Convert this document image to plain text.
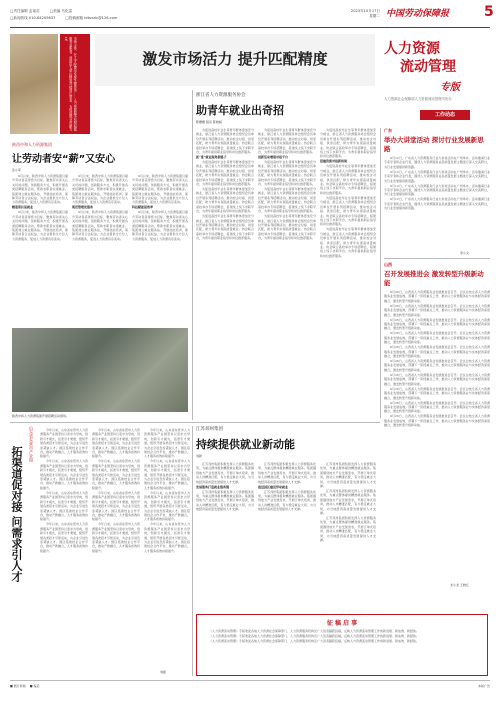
□责任编辑 孟瑶苗	□美编 马化雷
□新闻热线 010-84209637	□投稿邮箱 ldbzrzlc@126.com
2023年10月17日
星期二 中国劳动保障报	5
市场主体，在人才配置中发挥关键作用……人力资源服务机构积极服务求职者，帮助用人单位精准对接岗位需求，为促进就业贡献力量。
激发市场活力 提升匹配精度
人力资源
流动管理
专版
人力资源社会保障部人力资源流动管理司协办
工作动态
陕西中和人力资源集团
让劳动者安“薪”又安心
张小军

9月以来，陕西中和人力资源集团以提升劳动者获得感为目标，聚焦劳动者关心关切的问题，创新服务方式，积极开展各类招聘服务活动，帮助求职者实现就业。集团建立就业服务站，开展技能培训，保障劳动者合法权益，为企业提供全方位人力资源服务，促进人力资源有序流动。

精准帮扶促就业

9月以来，陕西中和人力资源集团以提升劳动者获得感为目标，聚焦劳动者关心关切的问题，创新服务方式，积极开展各类招聘服务活动，帮助求职者实现就业。集团建立就业服务站，开展技能培训，保障劳动者合法权益，为企业提供全方位人力资源服务，促进人力资源有序流动。

9月以来，陕西中和人力资源集团以提升劳动者获得感为目标，聚焦劳动者关心关切的问题，创新服务方式，积极开展各类招聘服务活动，帮助求职者实现就业。集团建立就业服务站，开展技能培训，保障劳动者合法权益，为企业提供全方位人力资源服务，促进人力资源有序流动。

规范管理优服务

9月以来，陕西中和人力资源集团以提升劳动者获得感为目标，聚焦劳动者关心关切的问题，创新服务方式，积极开展各类招聘服务活动，帮助求职者实现就业。集团建立就业服务站，开展技能培训，保障劳动者合法权益，为企业提供全方位人力资源服务，促进人力资源有序流动。

9月以来，陕西中和人力资源集团以提升劳动者获得感为目标，聚焦劳动者关心关切的问题，创新服务方式，积极开展各类招聘服务活动，帮助求职者实现就业。集团建立就业服务站，开展技能培训，保障劳动者合法权益，为企业提供全方位人力资源服务，促进人力资源有序流动。

科技赋能提效率

9月以来，陕西中和人力资源集团以提升劳动者获得感为目标，聚焦劳动者关心关切的问题，创新服务方式，积极开展各类招聘服务活动，帮助求职者实现就业。集团建立就业服务站，开展技能培训，保障劳动者合法权益，为企业提供全方位人力资源服务，促进人力资源有序流动。

陕西中和人力资源集团开展招聘活动现场。
浙江省人力资源服务协会
助青年就业出奇招
陈姗姗 程亮 陈晓娟

为促进高校毕业生等青年群体更加充分就业，浙江省人力资源服务协会组织会员单位开展系列招聘活动，推动校企对接、供需匹配，助力青年实现高质量就业。协会联合高校举办专场招聘会，搭建线上线下求职平台，为青年提供职业指导和岗位推荐服务。

抓“准”就业服务新路子

为促进高校毕业生等青年群体更加充分就业，浙江省人力资源服务协会组织会员单位开展系列招聘活动，推动校企对接、供需匹配，助力青年实现高质量就业。协会联合高校举办专场招聘会，搭建线上线下求职平台，为青年提供职业指导和岗位推荐服务。

为促进高校毕业生等青年群体更加充分就业，浙江省人力资源服务协会组织会员单位开展系列招聘活动，推动校企对接、供需匹配，助力青年实现高质量就业。协会联合高校举办专场招聘会，搭建线上线下求职平台，为青年提供职业指导和岗位推荐服务。

为促进高校毕业生等青年群体更加充分就业，浙江省人力资源服务协会组织会员单位开展系列招聘活动，推动校企对接、供需匹配，助力青年实现高质量就业。协会联合高校举办专场招聘会，搭建线上线下求职平台，为青年提供职业指导和岗位推荐服务。

为促进高校毕业生等青年群体更加充分就业，浙江省人力资源服务协会组织会员单位开展系列招聘活动，推动校企对接、供需匹配，助力青年实现高质量就业。协会联合高校举办专场招聘会，搭建线上线下求职平台，为青年提供职业指导和岗位推荐服务。

创新活动增强对接平台

为促进高校毕业生等青年群体更加充分就业，浙江省人力资源服务协会组织会员单位开展系列招聘活动，推动校企对接、供需匹配，助力青年实现高质量就业。协会联合高校举办专场招聘会，搭建线上线下求职平台，为青年提供职业指导和岗位推荐服务。

为促进高校毕业生等青年群体更加充分就业，浙江省人力资源服务协会组织会员单位开展系列招聘活动，推动校企对接、供需匹配，助力青年实现高质量就业。协会联合高校举办专场招聘会，搭建线上线下求职平台，为青年提供职业指导和岗位推荐服务。

为促进高校毕业生等青年群体更加充分就业，浙江省人力资源服务协会组织会员单位开展系列招聘活动，推动校企对接、供需匹配，助力青年实现高质量就业。协会联合高校举办专场招聘会，搭建线上线下求职平台，为青年提供职业指导和岗位推荐服务。

为促进高校毕业生等青年群体更加充分就业，浙江省人力资源服务协会组织会员单位开展系列招聘活动，推动校企对接、供需匹配，助力青年实现高质量就业。协会联合高校举办专场招聘会，搭建线上线下求职平台，为青年提供职业指导和岗位推荐服务。

搭建资源对接新桥梁

为促进高校毕业生等青年群体更加充分就业，浙江省人力资源服务协会组织会员单位开展系列招聘活动，推动校企对接、供需匹配，助力青年实现高质量就业。协会联合高校举办专场招聘会，搭建线上线下求职平台，为青年提供职业指导和岗位推荐服务。

为促进高校毕业生等青年群体更加充分就业，浙江省人力资源服务协会组织会员单位开展系列招聘活动，推动校企对接、供需匹配，助力青年实现高质量就业。协会联合高校举办专场招聘会，搭建线上线下求职平台，为青年提供职业指导和岗位推荐服务。

为促进高校毕业生等青年群体更加充分就业，浙江省人力资源服务协会组织会员单位开展系列招聘活动，推动校企对接、供需匹配，助力青年实现高质量就业。协会联合高校举办专场招聘会，搭建线上线下求职平台，为青年提供职业指导和岗位推荐服务。

广东
举办大讲堂活动 探讨行业发展新思路

9月12日，广东省人力资源服务行业大讲堂活动在广州举办。活动邀请行业专家学者和企业代表，围绕人力资源服务业高质量发展主题进行深入交流研讨，为行业发展提供新思路。

9月12日，广东省人力资源服务行业大讲堂活动在广州举办。活动邀请行业专家学者和企业代表，围绕人力资源服务业高质量发展主题进行深入交流研讨，为行业发展提供新思路。

9月12日，广东省人力资源服务行业大讲堂活动在广州举办。活动邀请行业专家学者和企业代表，围绕人力资源服务业高质量发展主题进行深入交流研讨，为行业发展提供新思路。

9月12日，广东省人力资源服务行业大讲堂活动在广州举办。活动邀请行业专家学者和企业代表，围绕人力资源服务业高质量发展主题进行深入交流研讨，为行业发展提供新思路。

李小文
山西
召开发展推进会 激发转型升级新动能

9月26日，山西省人力资源服务业发展推进会召开。会议总结全省人力资源服务业发展成效，部署下一阶段重点工作，推动人力资源服务业与实体经济深度融合，激发转型升级新动能。

9月26日，山西省人力资源服务业发展推进会召开。会议总结全省人力资源服务业发展成效，部署下一阶段重点工作，推动人力资源服务业与实体经济深度融合，激发转型升级新动能。

9月26日，山西省人力资源服务业发展推进会召开。会议总结全省人力资源服务业发展成效，部署下一阶段重点工作，推动人力资源服务业与实体经济深度融合，激发转型升级新动能。

9月26日，山西省人力资源服务业发展推进会召开。会议总结全省人力资源服务业发展成效，部署下一阶段重点工作，推动人力资源服务业与实体经济深度融合，激发转型升级新动能。

9月26日，山西省人力资源服务业发展推进会召开。会议总结全省人力资源服务业发展成效，部署下一阶段重点工作，推动人力资源服务业与实体经济深度融合，激发转型升级新动能。

9月26日，山西省人力资源服务业发展推进会召开。会议总结全省人力资源服务业发展成效，部署下一阶段重点工作，推动人力资源服务业与实体经济深度融合，激发转型升级新动能。

9月26日，山西省人力资源服务业发展推进会召开。会议总结全省人力资源服务业发展成效，部署下一阶段重点工作，推动人力资源服务业与实体经济深度融合，激发转型升级新动能。

9月26日，山西省人力资源服务业发展推进会召开。会议总结全省人力资源服务业发展成效，部署下一阶段重点工作，推动人力资源服务业与实体经济深度融合，激发转型升级新动能。

9月26日，山西省人力资源服务业发展推进会召开。会议总结全省人力资源服务业发展成效，部署下一阶段重点工作，推动人力资源服务业与实体经济深度融合，激发转型升级新动能。

9月26日，山西省人力资源服务业发展推进会召开。会议总结全省人力资源服务业发展成效，部署下一阶段重点工作，推动人力资源服务业与实体经济深度融合，激发转型升级新动能。

龙小龙 王晓红
山东省东营市产业园
拓渠道促对接 问需求引人才

今年以来，山东省东营市人力资源服务产业园坚持以需求为导向，创新引才模式，拓宽引才渠道，组织开展各类招才引智活动，为企业引进急需紧缺人才。园区搭建校企合作平台，推动产教融合，人才服务质效持续提升。

今年以来，山东省东营市人力资源服务产业园坚持以需求为导向，创新引才模式，拓宽引才渠道，组织开展各类招才引智活动，为企业引进急需紧缺人才。园区搭建校企合作平台，推动产教融合，人才服务质效持续提升。

今年以来，山东省东营市人力资源服务产业园坚持以需求为导向，创新引才模式，拓宽引才渠道，组织开展各类招才引智活动，为企业引进急需紧缺人才。园区搭建校企合作平台，推动产教融合，人才服务质效持续提升。

今年以来，山东省东营市人力资源服务产业园坚持以需求为导向，创新引才模式，拓宽引才渠道，组织开展各类招才引智活动，为企业引进急需紧缺人才。园区搭建校企合作平台，推动产教融合，人才服务质效持续提升。

今年以来，山东省东营市人力资源服务产业园坚持以需求为导向，创新引才模式，拓宽引才渠道，组织开展各类招才引智活动，为企业引进急需紧缺人才。园区搭建校企合作平台，推动产教融合，人才服务质效持续提升。

今年以来，山东省东营市人力资源服务产业园坚持以需求为导向，创新引才模式，拓宽引才渠道，组织开展各类招才引智活动，为企业引进急需紧缺人才。园区搭建校企合作平台，推动产教融合，人才服务质效持续提升。

今年以来，山东省东营市人力资源服务产业园坚持以需求为导向，创新引才模式，拓宽引才渠道，组织开展各类招才引智活动，为企业引进急需紧缺人才。园区搭建校企合作平台，推动产教融合，人才服务质效持续提升。

今年以来，山东省东营市人力资源服务产业园坚持以需求为导向，创新引才模式，拓宽引才渠道，组织开展各类招才引智活动，为企业引进急需紧缺人才。园区搭建校企合作平台，推动产教融合，人才服务质效持续提升。

今年以来，山东省东营市人力资源服务产业园坚持以需求为导向，创新引才模式，拓宽引才渠道，组织开展各类招才引智活动，为企业引进急需紧缺人才。园区搭建校企合作平台，推动产教融合，人才服务质效持续提升。

今年以来，山东省东营市人力资源服务产业园坚持以需求为导向，创新引才模式，拓宽引才渠道，组织开展各类招才引智活动，为企业引进急需紧缺人才。园区搭建校企合作平台，推动产教融合，人才服务质效持续提升。

今年以来，山东省东营市人力资源服务产业园坚持以需求为导向，创新引才模式，拓宽引才渠道，组织开展各类招才引智活动，为企业引进急需紧缺人才。园区搭建校企合作平台，推动产教融合，人才服务质效持续提升。

今年以来，山东省东营市人力资源服务产业园坚持以需求为导向，创新引才模式，拓宽引才渠道，组织开展各类招才引智活动，为企业引进急需紧缺人才。园区搭建校企合作平台，推动产教融合，人才服务质效持续提升。

刘振
江苏邳州集团
持续提供就业新动能
刘新

江苏邳州集团积极发挥人力资源服务优势，为重点群体提供精准就业服务。集团围绕地方产业发展需求，开展订单式培训，推动人岗精准匹配，有力稳定就业大局，为当地经济高质量发展提供人才支撑。

发展服务打造就业服务链

江苏邳州集团积极发挥人力资源服务优势，为重点群体提供精准就业服务。集团围绕地方产业发展需求，开展订单式培训，推动人岗精准匹配，有力稳定就业大局，为当地经济高质量发展提供人才支撑。

江苏邳州集团积极发挥人力资源服务优势，为重点群体提供精准就业服务。集团围绕地方产业发展需求，开展订单式培训，推动人岗精准匹配，有力稳定就业大局，为当地经济高质量发展提供人才支撑。

推进园区建设带动就业

江苏邳州集团积极发挥人力资源服务优势，为重点群体提供精准就业服务。集团围绕地方产业发展需求，开展订单式培训，推动人岗精准匹配，有力稳定就业大局，为当地经济高质量发展提供人才支撑。

江苏邳州集团积极发挥人力资源服务优势，为重点群体提供精准就业服务。集团围绕地方产业发展需求，开展订单式培训，推动人岗精准匹配，有力稳定就业大局，为当地经济高质量发展提供人才支撑。

江苏邳州集团积极发挥人力资源服务优势，为重点群体提供精准就业服务。集团围绕地方产业发展需求，开展订单式培训，推动人岗精准匹配，有力稳定就业大局，为当地经济高质量发展提供人才支撑。

江苏邳州集团积极发挥人力资源服务优势，为重点群体提供精准就业服务。集团围绕地方产业发展需求，开展订单式培训，推动人岗精准匹配，有力稳定就业大局，为当地经济高质量发展提供人才支撑。

征 稿 启 事

《人力资源流动管理》专版欢迎各地人力资源社会保障部门、人力资源服务机构及广大读者踊跃投稿，反映人力资源流动管理工作的新进展、新成效、新经验。

《人力资源流动管理》专版欢迎各地人力资源社会保障部门、人力资源服务机构及广大读者踊跃投稿，反映人力资源流动管理工作的新进展、新成效、新经验。

《人力资源流动管理》专版欢迎各地人力资源社会保障部门、人力资源服务机构及广大读者踊跃投稿，反映人力资源流动管理工作的新进展、新成效、新经验。

■ 图片新闻 ■ 编后	本版广告
